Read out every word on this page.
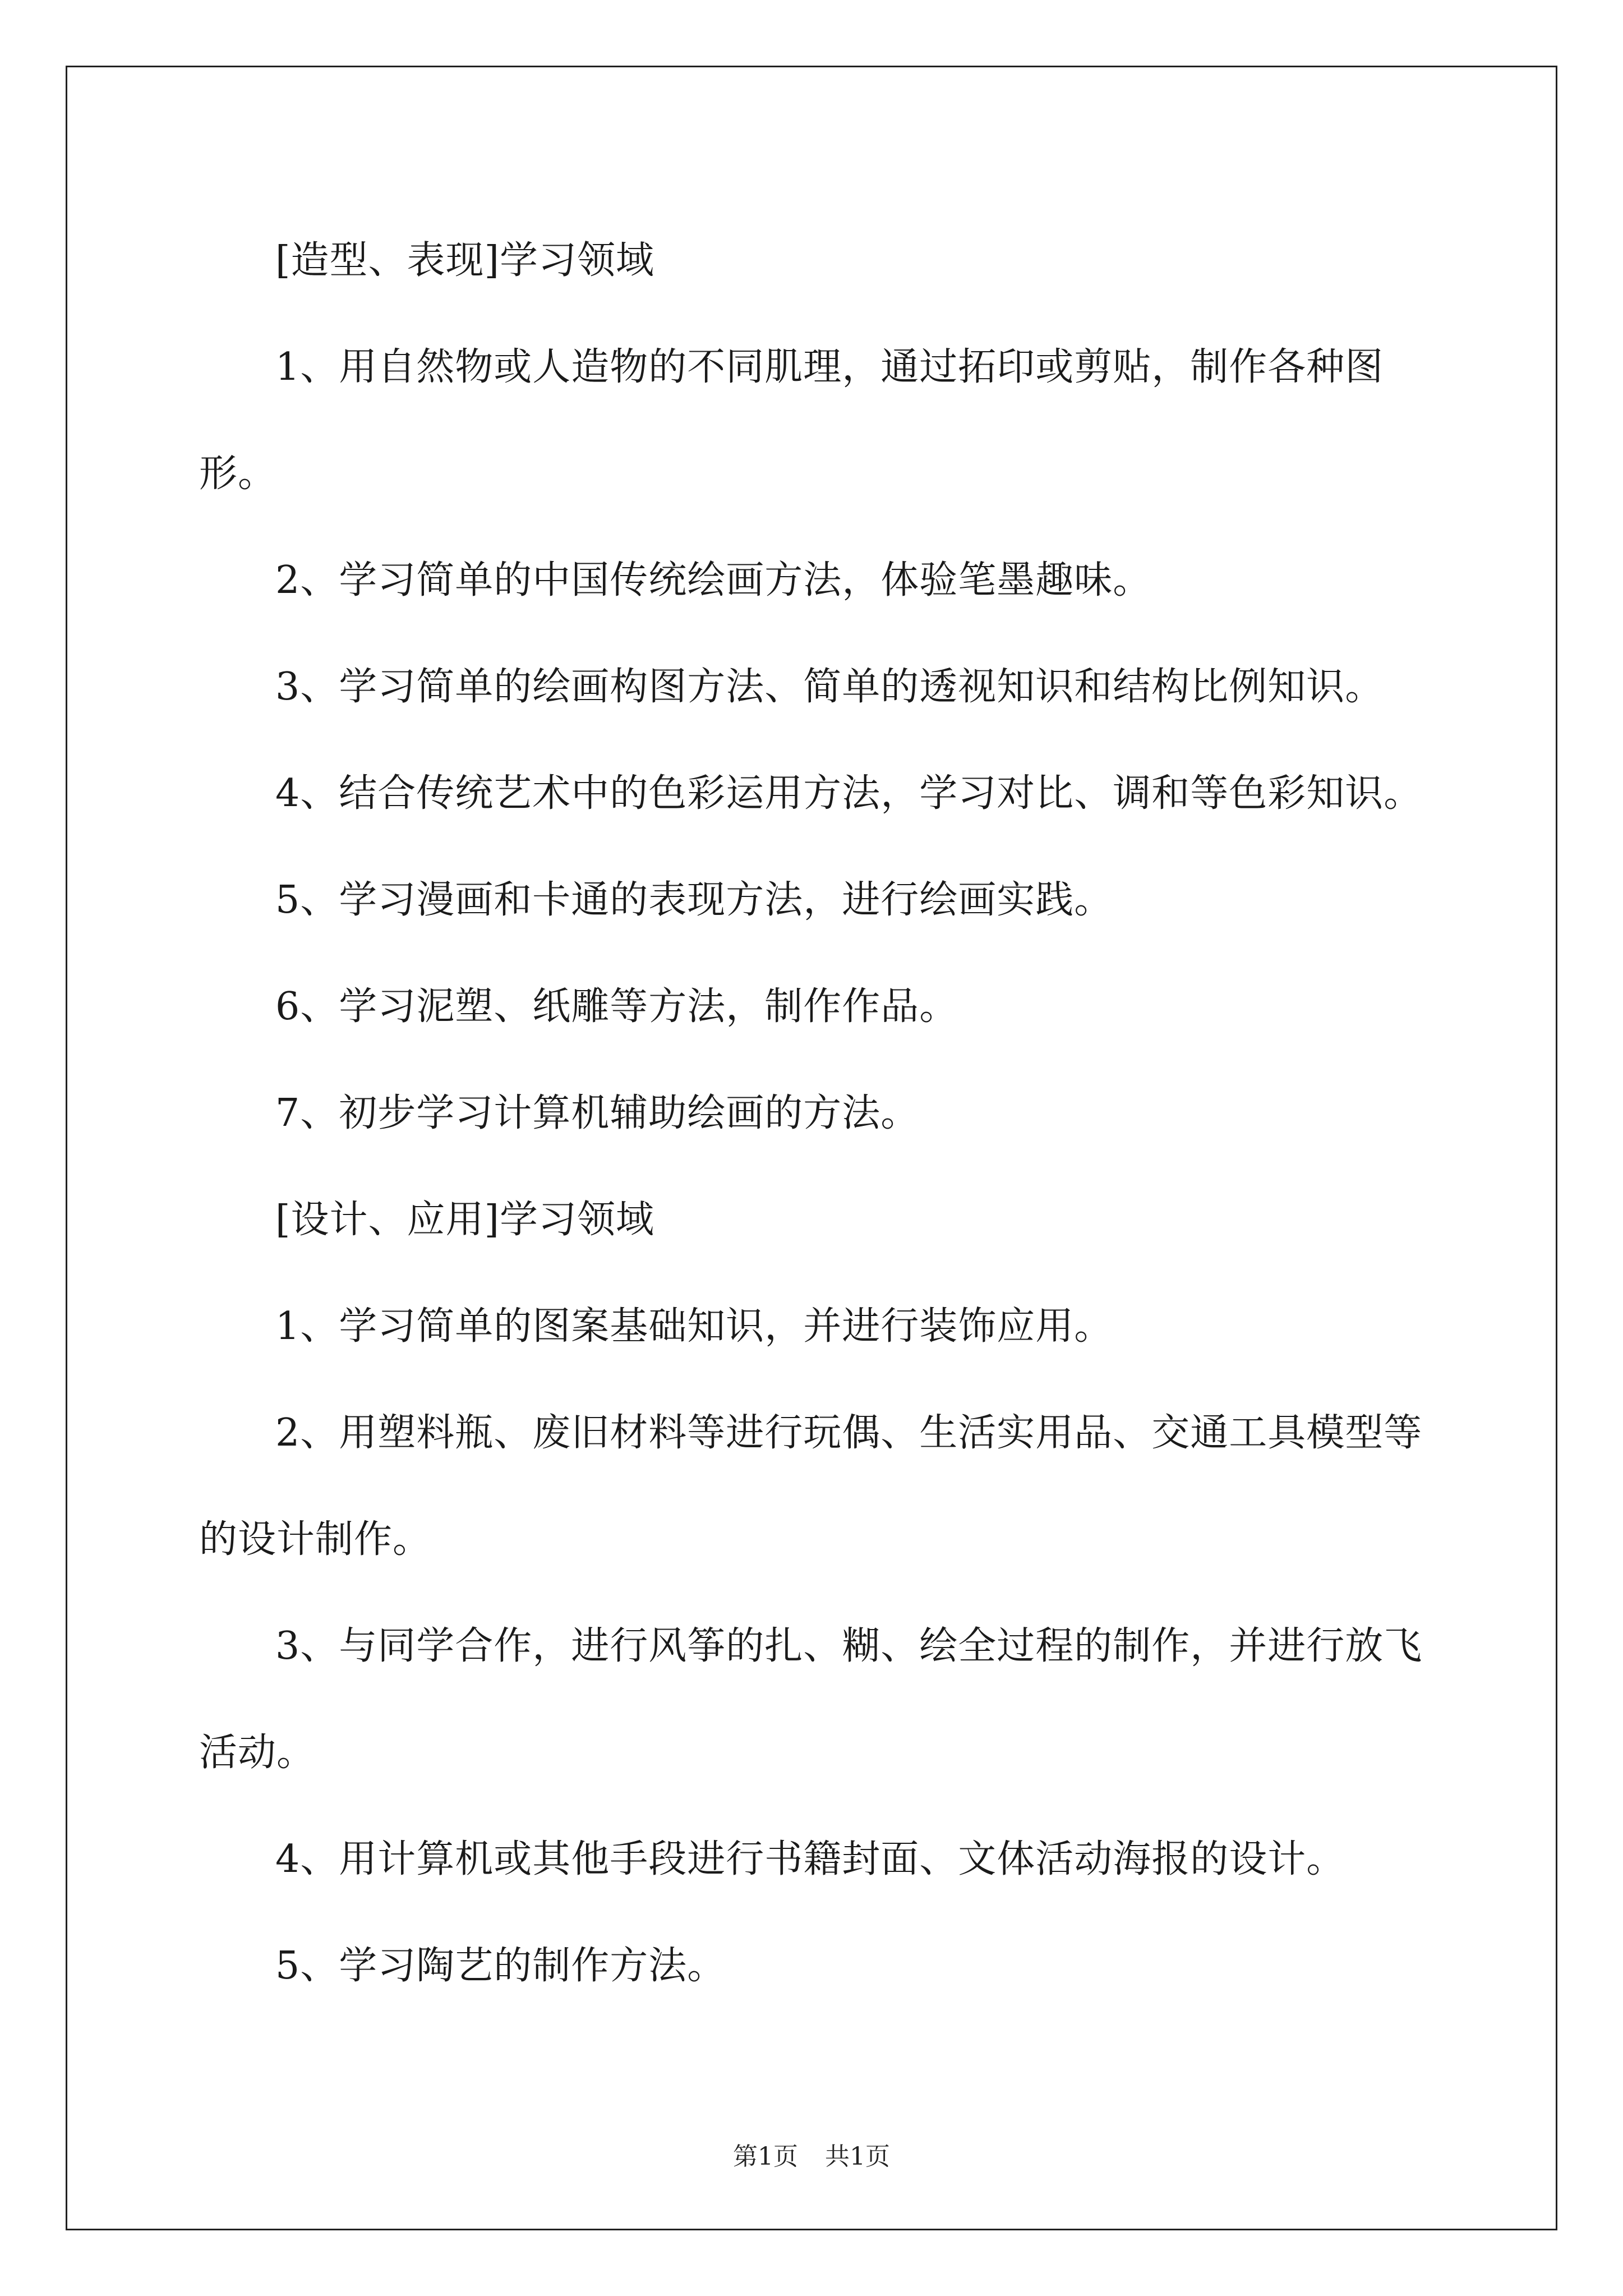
[造型、表现]学习领域

1、用自然物或人造物的不同肌理，通过拓印或剪贴，制作各种图形。

2、学习简单的中国传统绘画方法，体验笔墨趣味。

3、学习简单的绘画构图方法、简单的透视知识和结构比例知识。

4、结合传统艺术中的色彩运用方法，学习对比、调和等色彩知识。

5、学习漫画和卡通的表现方法，进行绘画实践。

6、学习泥塑、纸雕等方法，制作作品。

7、初步学习计算机辅助绘画的方法。

[设计、应用]学习领域

1、学习简单的图案基础知识，并进行装饰应用。

2、用塑料瓶、废旧材料等进行玩偶、生活实用品、交通工具模型等的设计制作。

3、与同学合作，进行风筝的扎、糊、绘全过程的制作，并进行放飞活动。

4、用计算机或其他手段进行书籍封面、文体活动海报的设计。

5、学习陶艺的制作方法。

第1页 共1页
